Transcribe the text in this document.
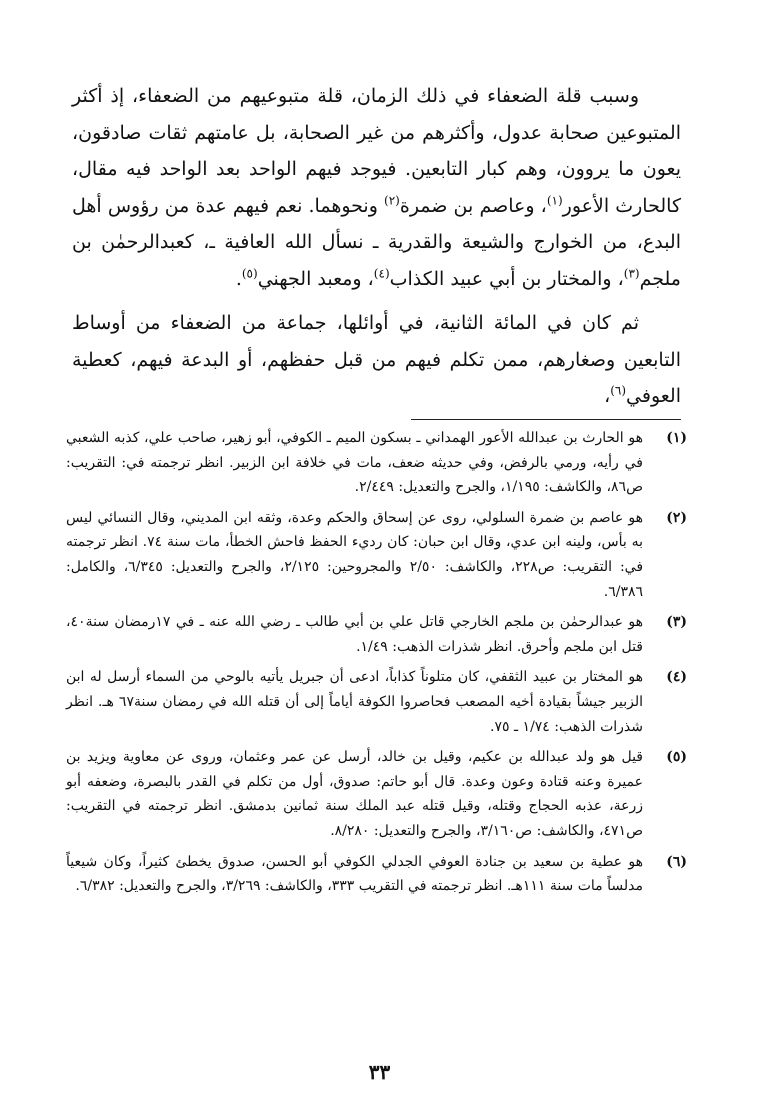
وسبب قلة الضعفاء في ذلك الزمان، قلة متبوعيهم من الضعفاء، إذ أكثر المتبوعين صحابة عدول، وأكثرهم من غير الصحابة، بل عامتهم ثقات صادقون، يعون ما يروون، وهم كبار التابعين. فيوجد فيهم الواحد بعد الواحد فيه مقال، كالحارث الأعور$^{(١)}$، وعاصم بن ضمرة$^{(٢)}$ ونحوهما. نعم فيهم عدة من رؤوس أهل البدع، من الخوارج والشيعة والقدرية ـ نسأل الله العافية ـ، كعبدالرحمٰن بن ملجم$^{(٣)}$، والمختار بن أبي عبيد الكذاب$^{(٤)}$، ومعبد الجهني$^{(٥)}$.

ثم كان في المائة الثانية، في أوائلها، جماعة من الضعفاء من أوساط التابعين وصغارهم، ممن تكلم فيهم من قبل حفظهم، أو البدعة فيهم، كعطية العوفي$^{(٦)}$،

(١)
هو الحارث بن عبدالله الأعور الهمداني ـ بسكون الميم ـ الكوفي، أبو زهير، صاحب علي، كذبه الشعبي في رأيه، ورمي بالرفض، وفي حديثه ضعف، مات في خلافة ابن الزبير. انظر ترجمته في: التقريب: ص٨٦، والكاشف: ١/١٩٥، والجرح والتعديل: ٢/٤٤٩.
(٢)
هو عاصم بن ضمرة السلولي، روى عن إسحاق والحكم وعدة، وثقه ابن المديني، وقال النسائي ليس به بأس، ولينه ابن عدي، وقال ابن حبان: كان رديء الحفظ فاحش الخطأ، مات سنة ٧٤. انظر ترجمته في: التقريب: ص٢٢٨، والكاشف: ٢/٥٠ والمجروحين: ٢/١٢٥، والجرح والتعديل: ٦/٣٤٥، والكامل: ٦/٣٨٦.
(٣)
هو عبدالرحمٰن بن ملجم الخارجي قاتل علي بن أبي طالب ـ رضي الله عنه ـ في ١٧رمضان سنة٤٠، قتل ابن ملجم وأحرق. انظر شذرات الذهب: ١/٤٩.
(٤)
هو المختار بن عبيد الثقفي، كان متلوناً كذاباً، ادعى أن جبريل يأتيه بالوحي من السماء أرسل له ابن الزبير جيشاً بقيادة أخيه المصعب فحاصروا الكوفة أياماً إلى أن قتله الله في رمضان سنة٦٧ هـ. انظر شذرات الذهب: ١/٧٤ ـ ٧٥.
(٥)
قيل هو ولد عبدالله بن عكيم، وقيل بن خالد، أرسل عن عمر وعثمان، وروى عن معاوية ويزيد بن عميرة وعنه قتادة وعون وعدة. قال أبو حاتم: صدوق، أول من تكلم في القدر بالبصرة، وضعفه أبو زرعة، عذبه الحجاج وقتله، وقيل قتله عبد الملك سنة ثمانين بدمشق. انظر ترجمته في التقريب: ص٤٧١، والكاشف: ص٣/١٦٠، والجرح والتعديل: ٨/٢٨٠.
(٦)
هو عطية بن سعيد بن جنادة العوفي الجدلي الكوفي أبو الحسن، صدوق يخطئ كثيراً، وكان شيعياً مدلساً مات سنة ١١١هـ. انظر ترجمته في التقريب ٣٣٣، والكاشف: ٣/٢٦٩، والجرح والتعديل: ٦/٣٨٢.
٣٣
